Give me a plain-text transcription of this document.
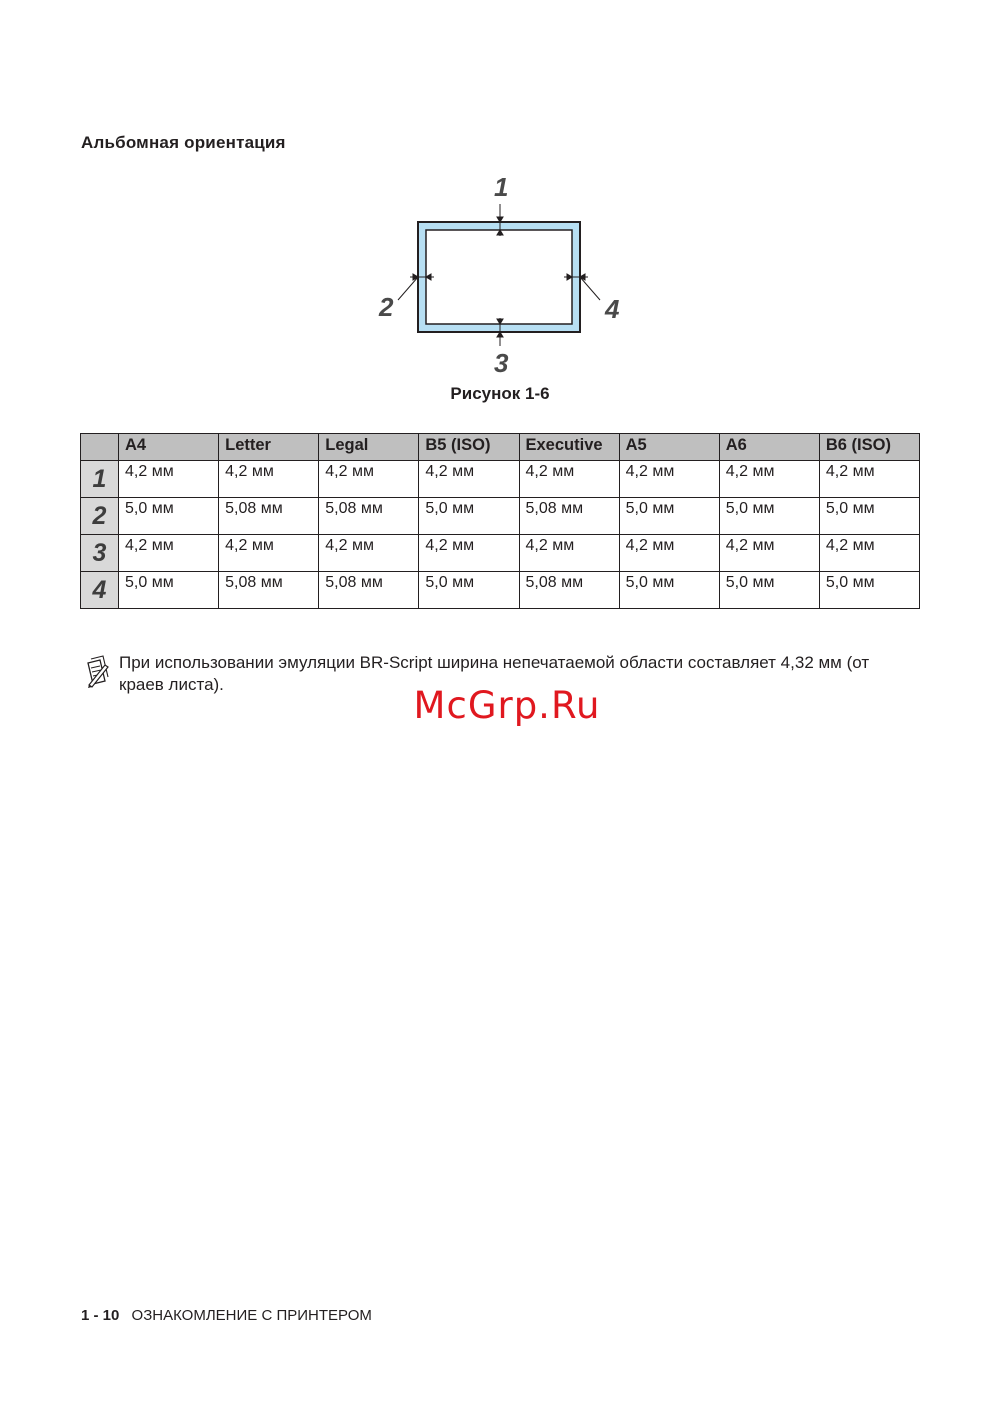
Альбомная ориентация
1
2
3
4
Рисунок 1-6
	A4	Letter	Legal	B5 (ISO)	Executive	A5	A6	B6 (ISO)
1	4,2 мм	4,2 мм	4,2 мм	4,2 мм	4,2 мм	4,2 мм	4,2 мм	4,2 мм
2	5,0 мм	5,08 мм	5,08 мм	5,0 мм	5,08 мм	5,0 мм	5,0 мм	5,0 мм
3	4,2 мм	4,2 мм	4,2 мм	4,2 мм	4,2 мм	4,2 мм	4,2 мм	4,2 мм
4	5,0 мм	5,08 мм	5,08 мм	5,0 мм	5,08 мм	5,0 мм	5,0 мм	5,0 мм
При использовании эмуляции BR-Script ширина непечатаемой области составляет 4,32 мм (от краев листа).	McGrp.Ru
1 - 10 ОЗНАКОМЛЕНИЕ С ПРИНТЕРОМ
